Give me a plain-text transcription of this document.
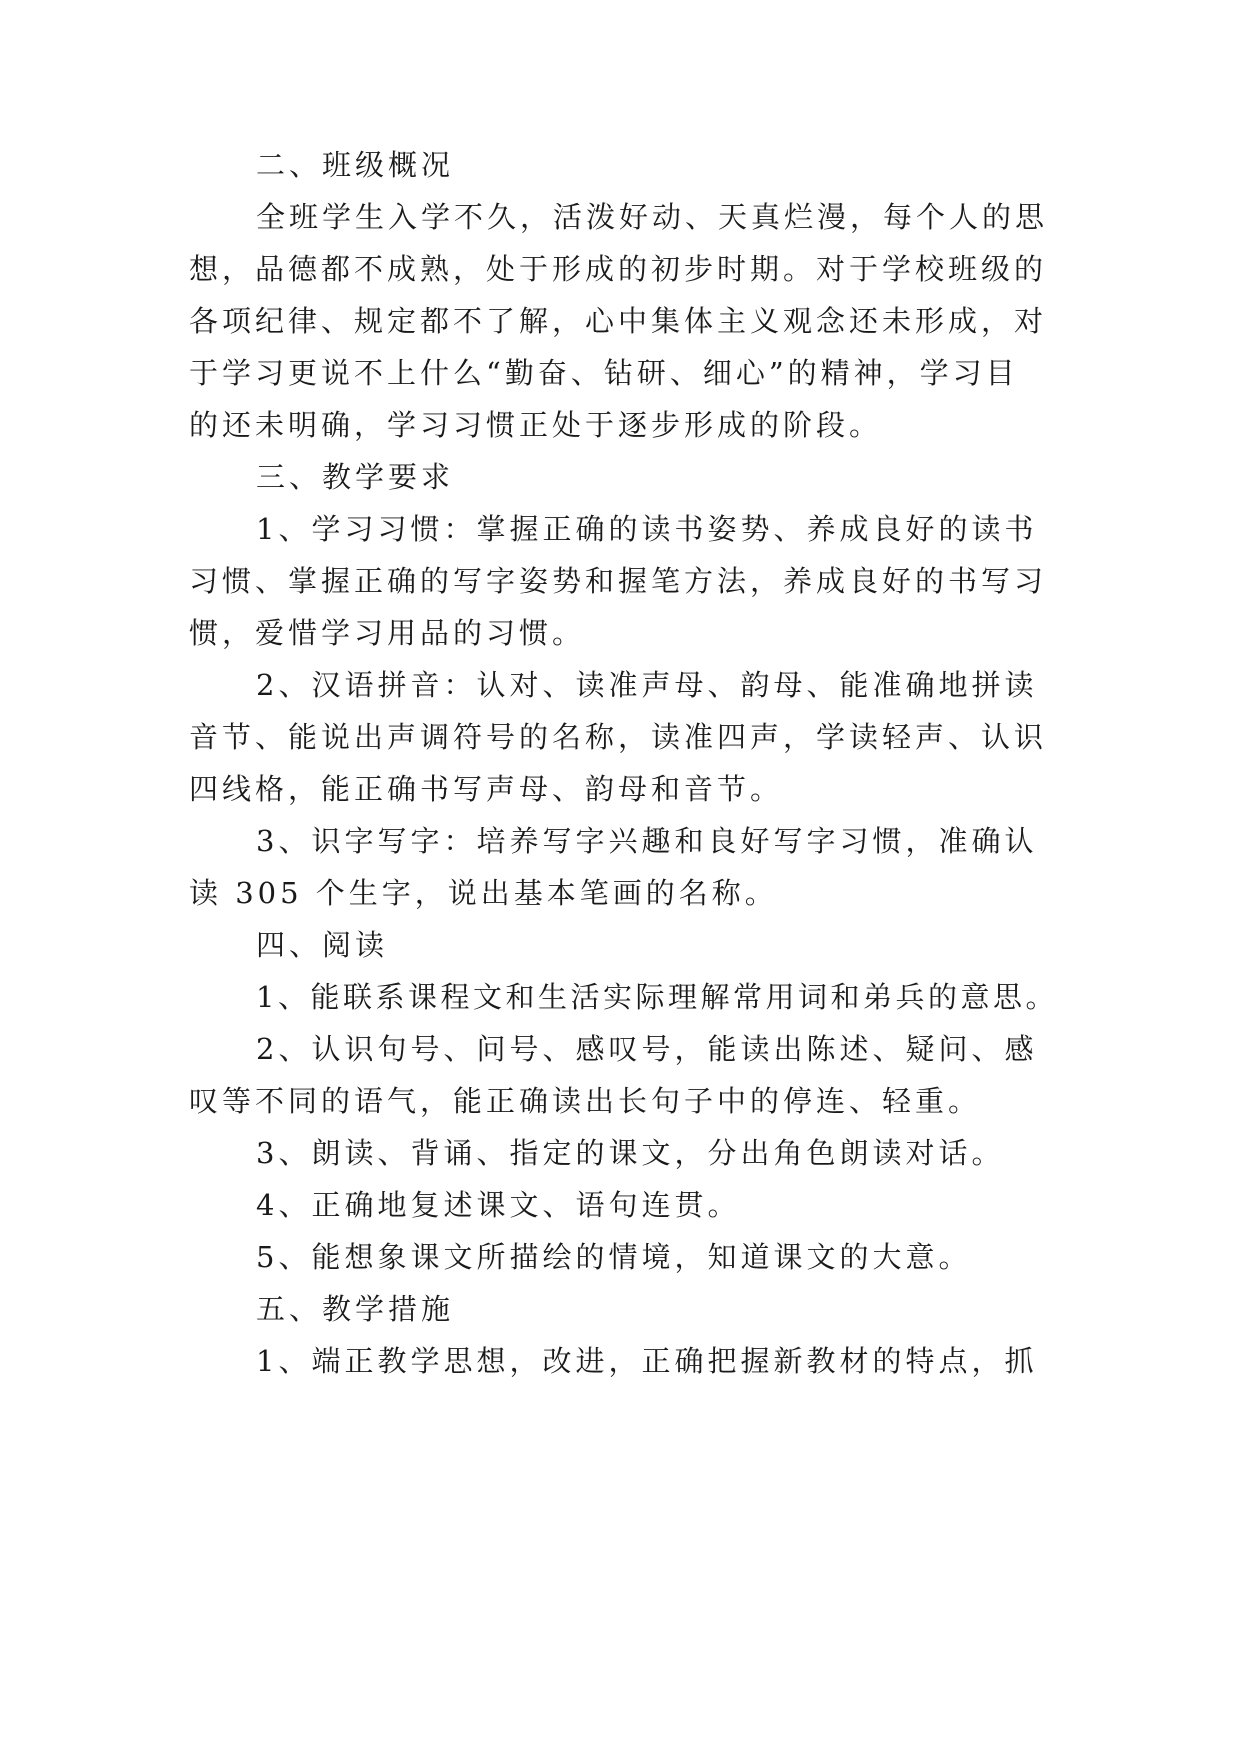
二、班级概况
全班学生入学不久，活泼好动、天真烂漫，每个人的思
想，品德都不成熟，处于形成的初步时期。对于学校班级的
各项纪律、规定都不了解，心中集体主义观念还未形成，对
于学习更说不上什么“勤奋、钻研、细心”的精神，学习目
的还未明确，学习习惯正处于逐步形成的阶段。
三、教学要求
1、学习习惯：掌握正确的读书姿势、养成良好的读书
习惯、掌握正确的写字姿势和握笔方法，养成良好的书写习
惯，爱惜学习用品的习惯。
2、汉语拼音：认对、读准声母、韵母、能准确地拼读
音节、能说出声调符号的名称，读准四声，学读轻声、认识
四线格，能正确书写声母、韵母和音节。
3、识字写字：培养写字兴趣和良好写字习惯，准确认
读 305 个生字，说出基本笔画的名称。
四、阅读
1、能联系课程文和生活实际理解常用词和弟兵的意思。
2、认识句号、问号、感叹号，能读出陈述、疑问、感
叹等不同的语气，能正确读出长句子中的停连、轻重。
3、朗读、背诵、指定的课文，分出角色朗读对话。
4、正确地复述课文、语句连贯。
5、能想象课文所描绘的情境，知道课文的大意。
五、教学措施
1、端正教学思想，改进，正确把握新教材的特点，抓
